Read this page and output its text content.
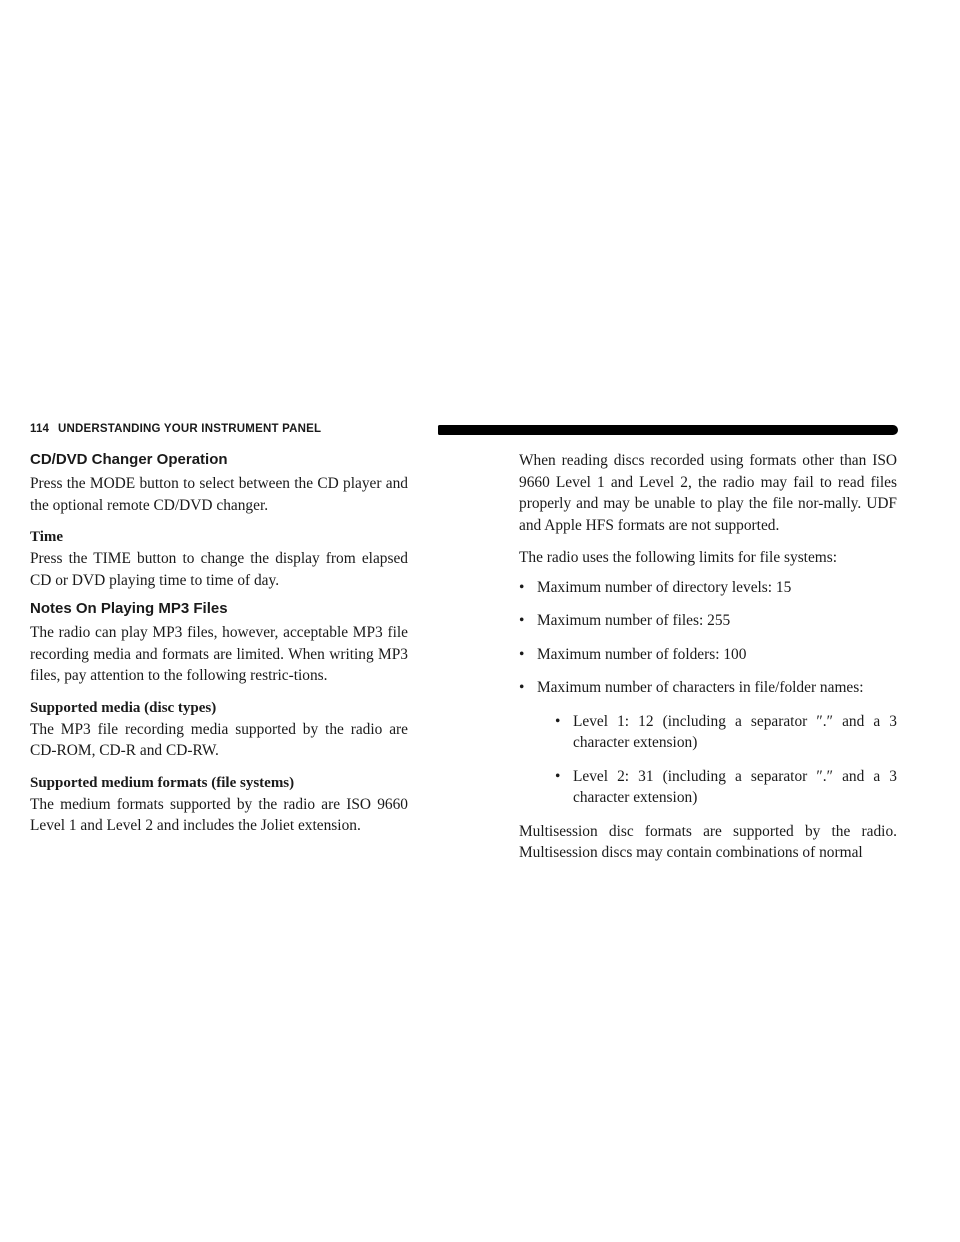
114 UNDERSTANDING YOUR INSTRUMENT PANEL
CD/DVD Changer Operation

Press the MODE button to select between the CD player and the optional remote CD/DVD changer.

Time

Press the TIME button to change the display from elapsed CD or DVD playing time to time of day.

Notes On Playing MP3 Files

The radio can play MP3 files, however, acceptable MP3 file recording media and formats are limited. When writing MP3 files, pay attention to the following restric-tions.

Supported media (disc types)

The MP3 file recording media supported by the radio are CD-ROM, CD-R and CD-RW.

Supported medium formats (file systems)

The medium formats supported by the radio are ISO 9660 Level 1 and Level 2 and includes the Joliet extension.

When reading discs recorded using formats other than ISO 9660 Level 1 and Level 2, the radio may fail to read files properly and may be unable to play the file nor-mally. UDF and Apple HFS formats are not supported.

The radio uses the following limits for file systems:

• Maximum number of directory levels: 15
• Maximum number of files: 255
• Maximum number of folders: 100
• Maximum number of characters in file/folder names:
• Level 1: 12 (including a separator ″.″ and a 3 character extension)
• Level 2: 31 (including a separator ″.″ and a 3 character extension)

Multisession disc formats are supported by the radio. Multisession discs may contain combinations of normal
